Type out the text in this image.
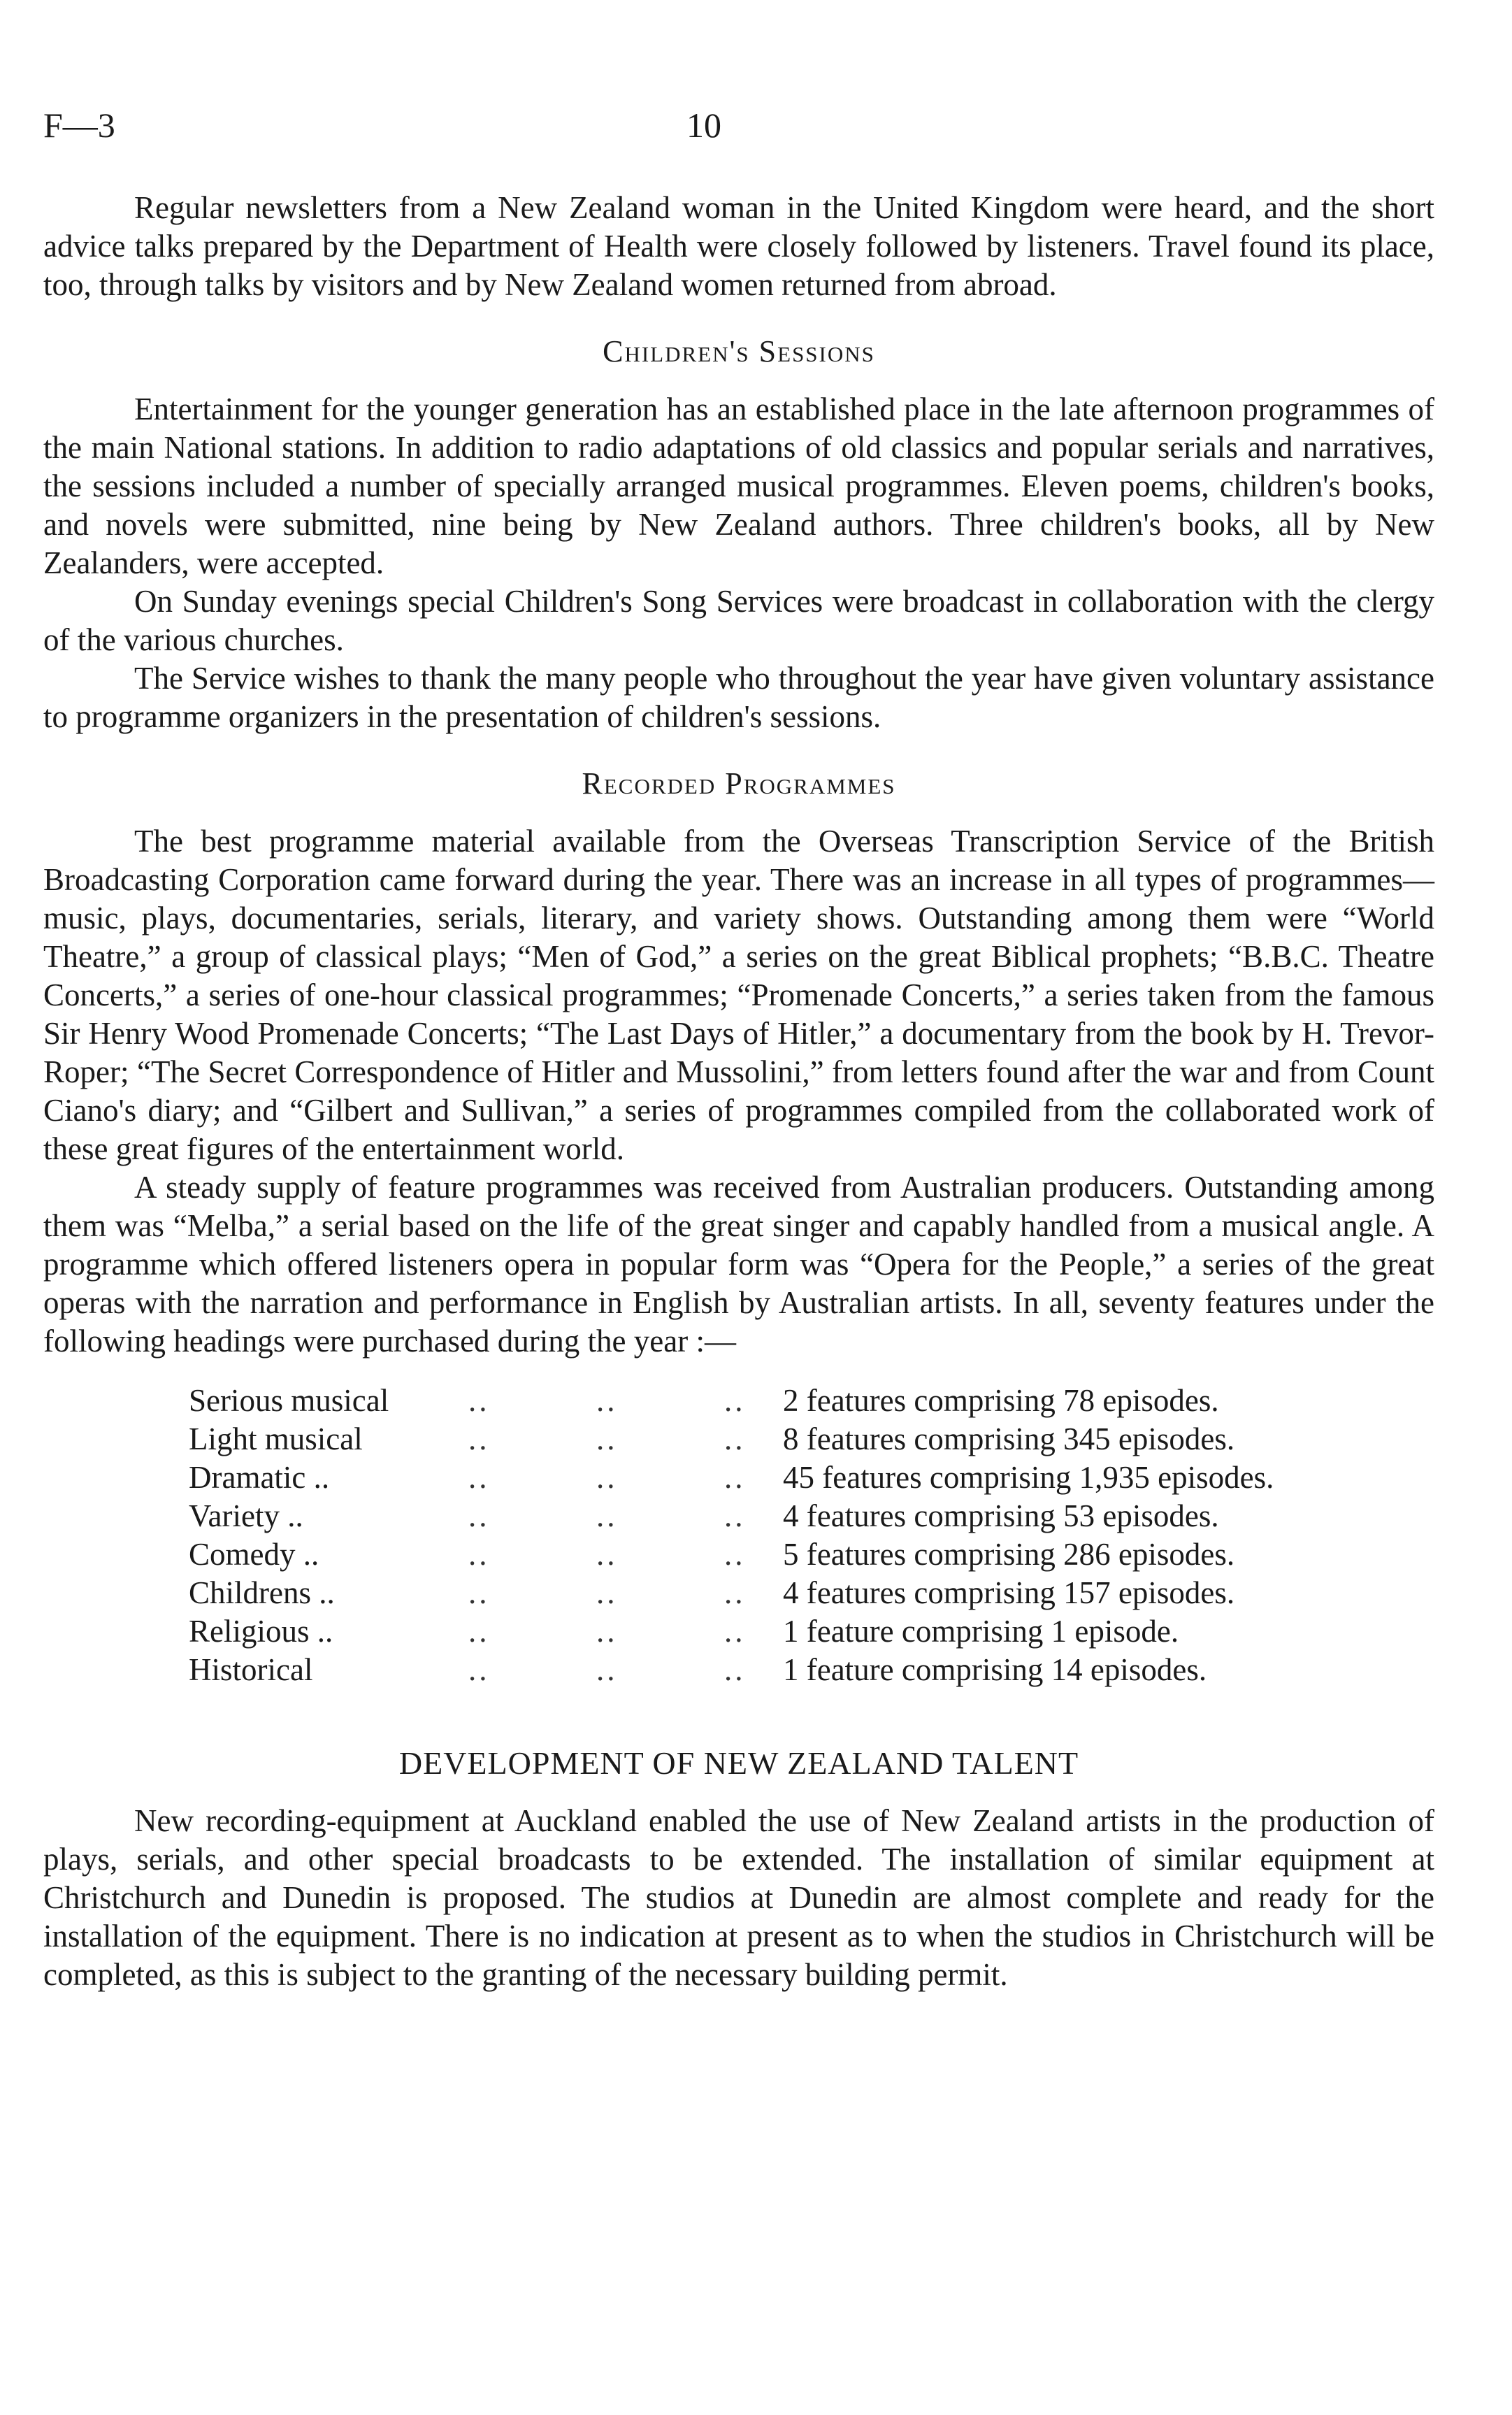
F—3	10

Regular newsletters from a New Zealand woman in the United Kingdom were heard, and the short advice talks prepared by the Department of Health were closely followed by listeners. Travel found its place, too, through talks by visitors and by New Zealand women returned from abroad.

Children's Sessions

Entertainment for the younger generation has an established place in the late afternoon programmes of the main National stations. In addition to radio adaptations of old classics and popular serials and narratives, the sessions included a number of specially arranged musical programmes. Eleven poems, children's books, and novels were submitted, nine being by New Zealand authors. Three children's books, all by New Zealanders, were accepted.

On Sunday evenings special Children's Song Services were broadcast in collaboration with the clergy of the various churches.

The Service wishes to thank the many people who throughout the year have given voluntary assistance to programme organizers in the presentation of children's sessions.

Recorded Programmes

The best programme material available from the Overseas Transcription Service of the British Broadcasting Corporation came forward during the year. There was an increase in all types of programmes—music, plays, documentaries, serials, literary, and variety shows. Outstanding among them were “World Theatre,” a group of classical plays; “Men of God,” a series on the great Biblical prophets; “B.B.C. Theatre Concerts,” a series of one-hour classical programmes; “Promenade Concerts,” a series taken from the famous Sir Henry Wood Promenade Concerts; “The Last Days of Hitler,” a documentary from the book by H. Trevor-Roper; “The Secret Correspondence of Hitler and Mussolini,” from letters found after the war and from Count Ciano's diary; and “Gilbert and Sullivan,” a series of programmes compiled from the collaborated work of these great figures of the entertainment world.

A steady supply of feature programmes was received from Australian producers. Outstanding among them was “Melba,” a serial based on the life of the great singer and capably handled from a musical angle. A programme which offered listeners opera in popular form was “Opera for the People,” a series of the great operas with the narration and performance in English by Australian artists. In all, seventy features under the following headings were purchased during the year :—

Serious musical	..          ..          ..	2 features comprising 78 episodes.
Light musical	..          ..          ..	8 features comprising 345 episodes.
Dramatic ..	..          ..          ..	45 features comprising 1,935 episodes.
Variety ..	..          ..          ..	4 features comprising 53 episodes.
Comedy ..	..          ..          ..	5 features comprising 286 episodes.
Childrens ..	..          ..          ..	4 features comprising 157 episodes.
Religious ..	..          ..          ..	1 feature comprising 1 episode.
Historical	..          ..          ..	1 feature comprising 14 episodes.
DEVELOPMENT OF NEW ZEALAND TALENT

New recording-equipment at Auckland enabled the use of New Zealand artists in the production of plays, serials, and other special broadcasts to be extended. The installation of similar equipment at Christchurch and Dunedin is proposed. The studios at Dunedin are almost complete and ready for the installation of the equipment. There is no indication at present as to when the studios in Christchurch will be completed, as this is subject to the granting of the necessary building permit.
